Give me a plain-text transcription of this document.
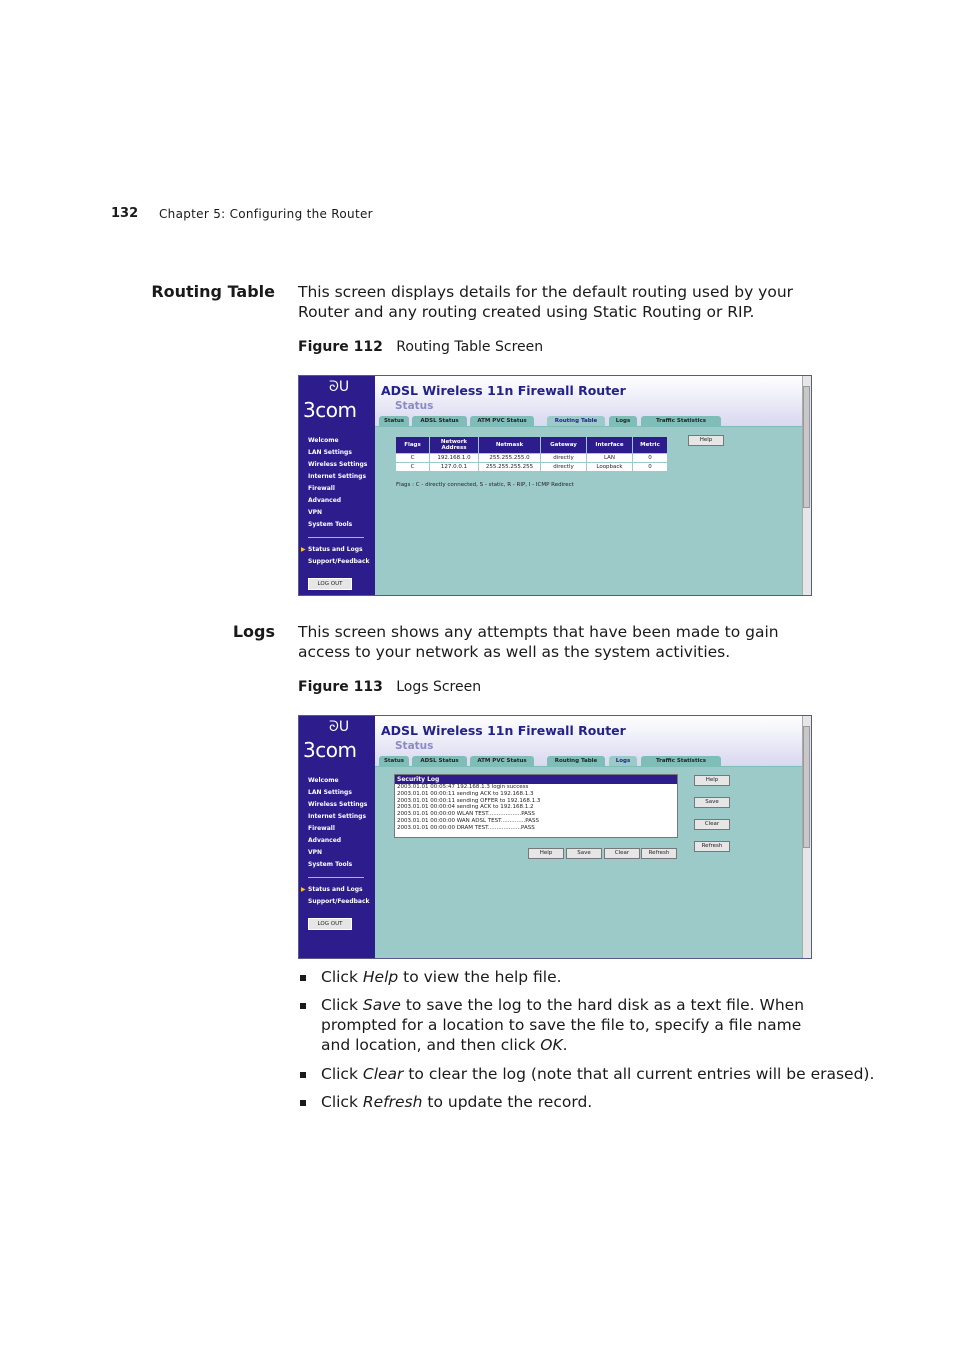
132 Chapter 5: Configuring the Router
Routing Table This screen displays details for the default routing used by your Router and any routing created using Static Routing or RIP.
Figure 112 Routing Table Screen
ᘐᑌ
3com
Welcome
LAN Settings
Wireless Settings
Internet Settings
Firewall
Advanced
VPN
System Tools
▶ Status and Logs
Support/Feedback
LOG OUT
ADSL Wireless 11n Firewall Router
Status
Status	ADSL Status	ATM PVC Status	Routing Table	Logs	Traffic Statistics
Flags	Network Address	Netmask	Gateway	Interface	Metric
C	192.168.1.0	255.255.255.0	directly	LAN	0
C	127.0.0.1	255.255.255.255	directly	Loopback	0
Flags : C - directly connected, S - static, R - RIP, I - ICMP Redirect
Help
Logs This screen shows any attempts that have been made to gain access to your network as well as the system activities.
Figure 113 Logs Screen
ᘐᑌ
3com
Welcome
LAN Settings
Wireless Settings
Internet Settings
Firewall
Advanced
VPN
System Tools
▶ Status and Logs
Support/Feedback
LOG OUT
ADSL Wireless 11n Firewall Router
Status
Status	ADSL Status	ATM PVC Status	Routing Table	Logs	Traffic Statistics
Security Log
2003.01.01 00:05:47 192.168.1.3 login success
2003.01.01 00:00:11 sending ACK to 192.168.1.3
2003.01.01 00:00:11 sending OFFER to 192.168.1.3
2003.01.01 00:00:04 sending ACK to 192.168.1.2
2003.01.01 00:00:00 WLAN TEST...................PASS
2003.01.01 00:00:00 WAN ADSL TEST..............PASS
2003.01.01 00:00:00 DRAM TEST...................PASS
Help	Save	Clear	Refresh
Help
Save
Clear
Refresh
Click Help to view the help file.
Click Save to save the log to the hard disk as a text file. When prompted for a location to save the file to, specify a file name and location, and then click OK.
Click Clear to clear the log (note that all current entries will be erased).
Click Refresh to update the record.
